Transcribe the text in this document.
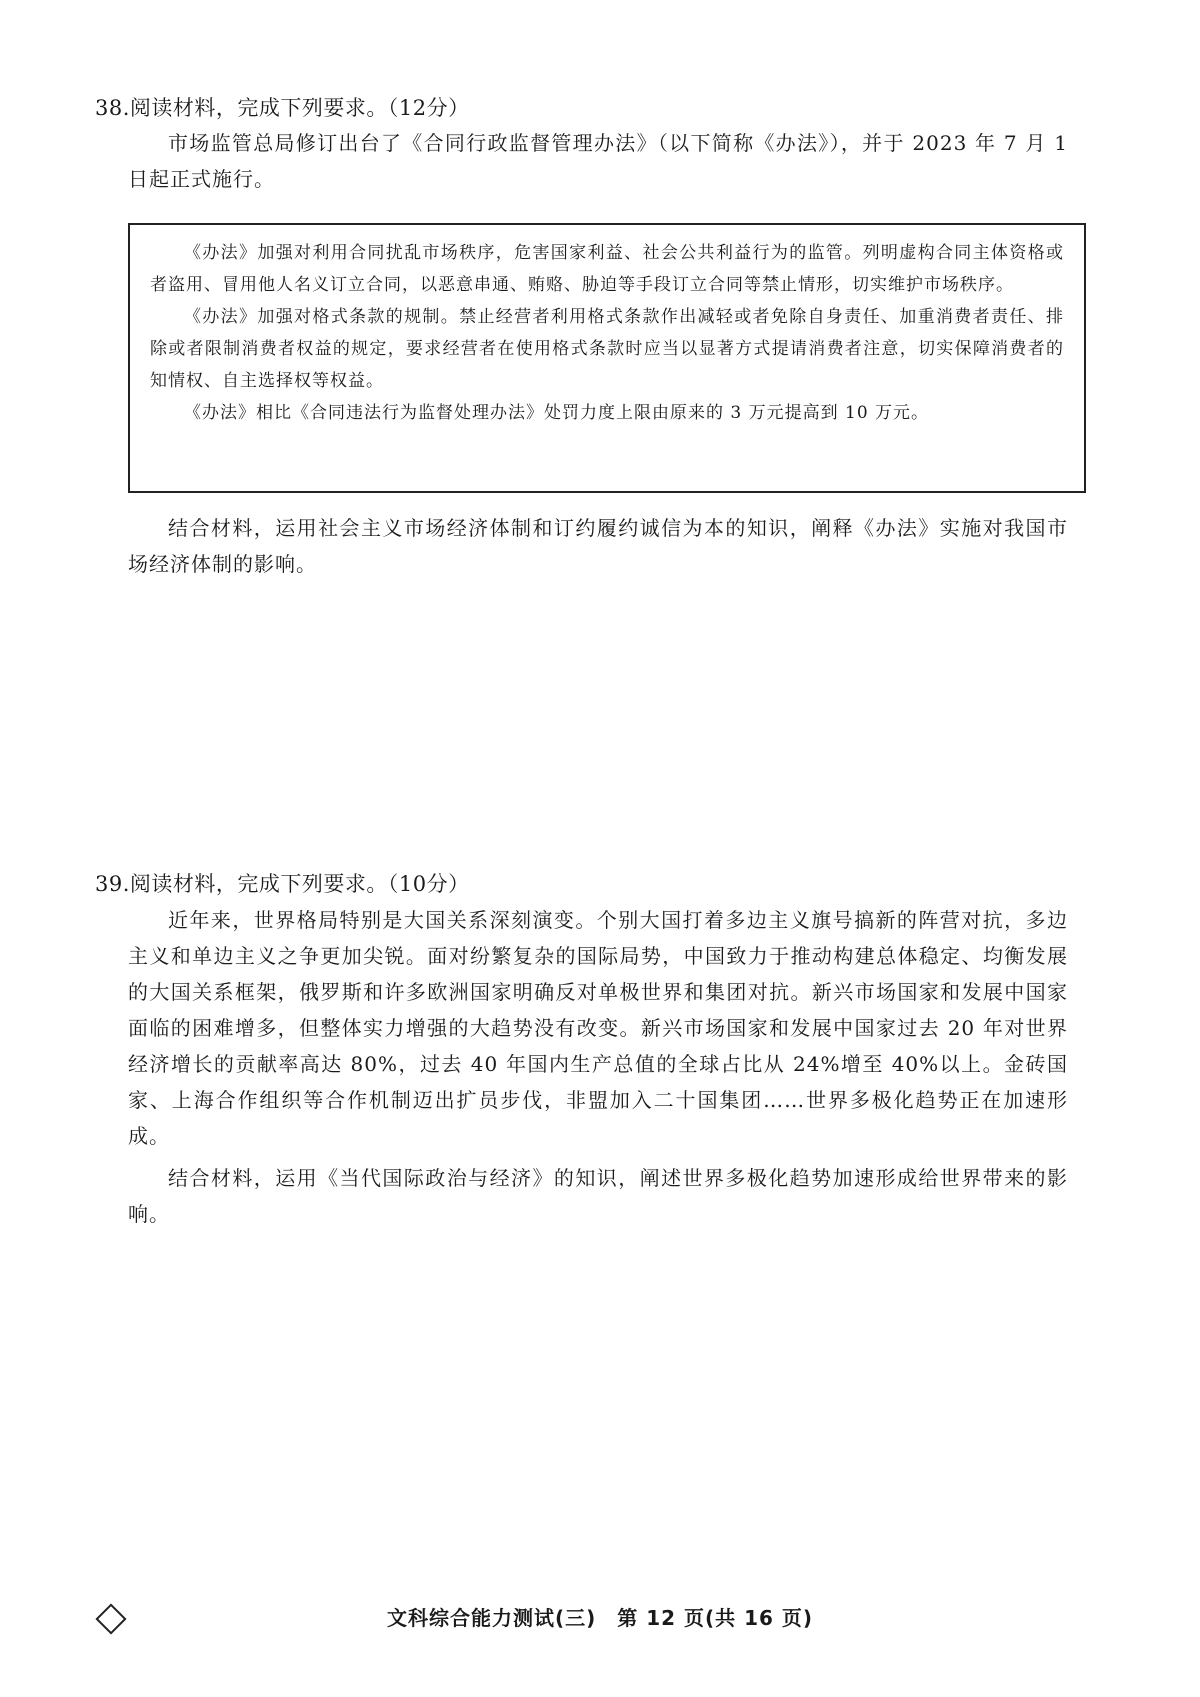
38.阅读材料，完成下列要求。（12分）
市场监管总局修订出台了《合同行政监督管理办法》（以下简称《办法》），并于 2023 年 7 月 1 日起正式施行。

《办法》加强对利用合同扰乱市场秩序，危害国家利益、社会公共利益行为的监管。列明虚构合同主体资格或者盗用、冒用他人名义订立合同，以恶意串通、贿赂、胁迫等手段订立合同等禁止情形，切实维护市场秩序。

《办法》加强对格式条款的规制。禁止经营者利用格式条款作出减轻或者免除自身责任、加重消费者责任、排除或者限制消费者权益的规定，要求经营者在使用格式条款时应当以显著方式提请消费者注意，切实保障消费者的知情权、自主选择权等权益。

《办法》相比《合同违法行为监督处理办法》处罚力度上限由原来的 3 万元提高到 10 万元。

结合材料，运用社会主义市场经济体制和订约履约诚信为本的知识，阐释《办法》实施对我国市场经济体制的影响。
39.阅读材料，完成下列要求。（10分）
近年来，世界格局特别是大国关系深刻演变。个别大国打着多边主义旗号搞新的阵营对抗，多边主义和单边主义之争更加尖锐。面对纷繁复杂的国际局势，中国致力于推动构建总体稳定、均衡发展的大国关系框架，俄罗斯和许多欧洲国家明确反对单极世界和集团对抗。新兴市场国家和发展中国家面临的困难增多，但整体实力增强的大趋势没有改变。新兴市场国家和发展中国家过去 20 年对世界经济增长的贡献率高达 80%，过去 40 年国内生产总值的全球占比从 24%增至 40%以上。金砖国家、上海合作组织等合作机制迈出扩员步伐，非盟加入二十国集团……世界多极化趋势正在加速形成。
结合材料，运用《当代国际政治与经济》的知识，阐述世界多极化趋势加速形成给世界带来的影响。
文科综合能力测试(三)　第 12 页(共 16 页)
